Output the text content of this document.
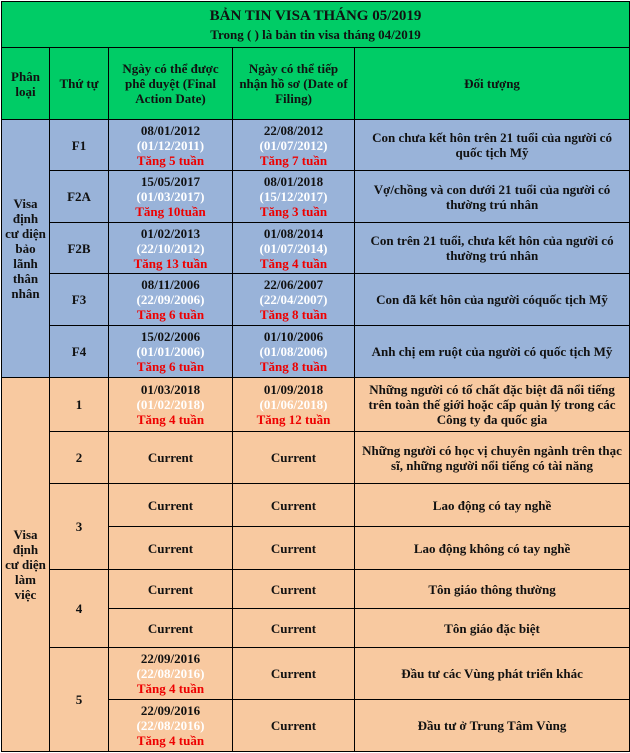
BẢN TIN VISA THÁNG 05/2019
Trong ( ) là bản tin visa tháng 04/2019				

Phân loại	Thứ tự	Ngày có thể được phê duyệt (Final Action Date)	Ngày có thể tiếp nhận hồ sơ (Date of Filing)	Đối tượng
Visa định cư diện bảo lãnh thân nhân	F1	08/01/2012
(01/12/2011)
Tăng 5 tuần	22/08/2012
(01/07/2012)
Tăng 7 tuần	Con chưa kết hôn trên 21 tuổi của người có quốc tịch Mỹ
	F2A	15/05/2017
(01/03/2017)
Tăng 10tuần	08/01/2018
(15/12/2017)
Tăng 3 tuần	Vợ/chồng và con dưới 21 tuổi của người có thường trú nhân
	F2B	01/02/2013
(22/10/2012)
Tăng 13 tuần	01/08/2014
(01/07/2014)
Tăng 4 tuần	Con trên 21 tuổi, chưa kết hôn của người có thường trú nhân
	F3	08/11/2006
(22/09/2006)
Tăng 6 tuần	22/06/2007
(22/04/2007)
Tăng 8 tuần	Con đã kết hôn của người cóquốc tịch Mỹ
	F4	15/02/2006
(01/01/2006)
Tăng 6 tuần	01/10/2006
(01/08/2006)
Tăng 8 tuần	Anh chị em ruột của người có quốc tịch Mỹ
Visa định cư diện làm việc	1	01/03/2018
(01/02/2018)
Tăng 4 tuần	01/09/2018
(01/06/2018)
Tăng 12 tuần	Những người có tố chất đặc biệt đã nổi tiếng trên toàn thế giới hoặc cấp quản lý trong các Công ty đa quốc gia
	2	Current	Current	Những người có học vị chuyên ngành trên thạc sĩ, những người nổi tiếng có tài năng
	3	Current	Current	Lao động có tay nghề
		Current	Current	Lao động không có tay nghề
	4	Current	Current	Tôn giáo thông thường
		Current	Current	Tôn giáo đặc biệt
	5	22/09/2016
(22/08/2016)
Tăng 4 tuần	Current	Đầu tư các Vùng phát triển khác

		22/09/2016
(22/08/2016)
Tăng 4 tuần	Current	Đầu tư ở Trung Tâm Vùng
